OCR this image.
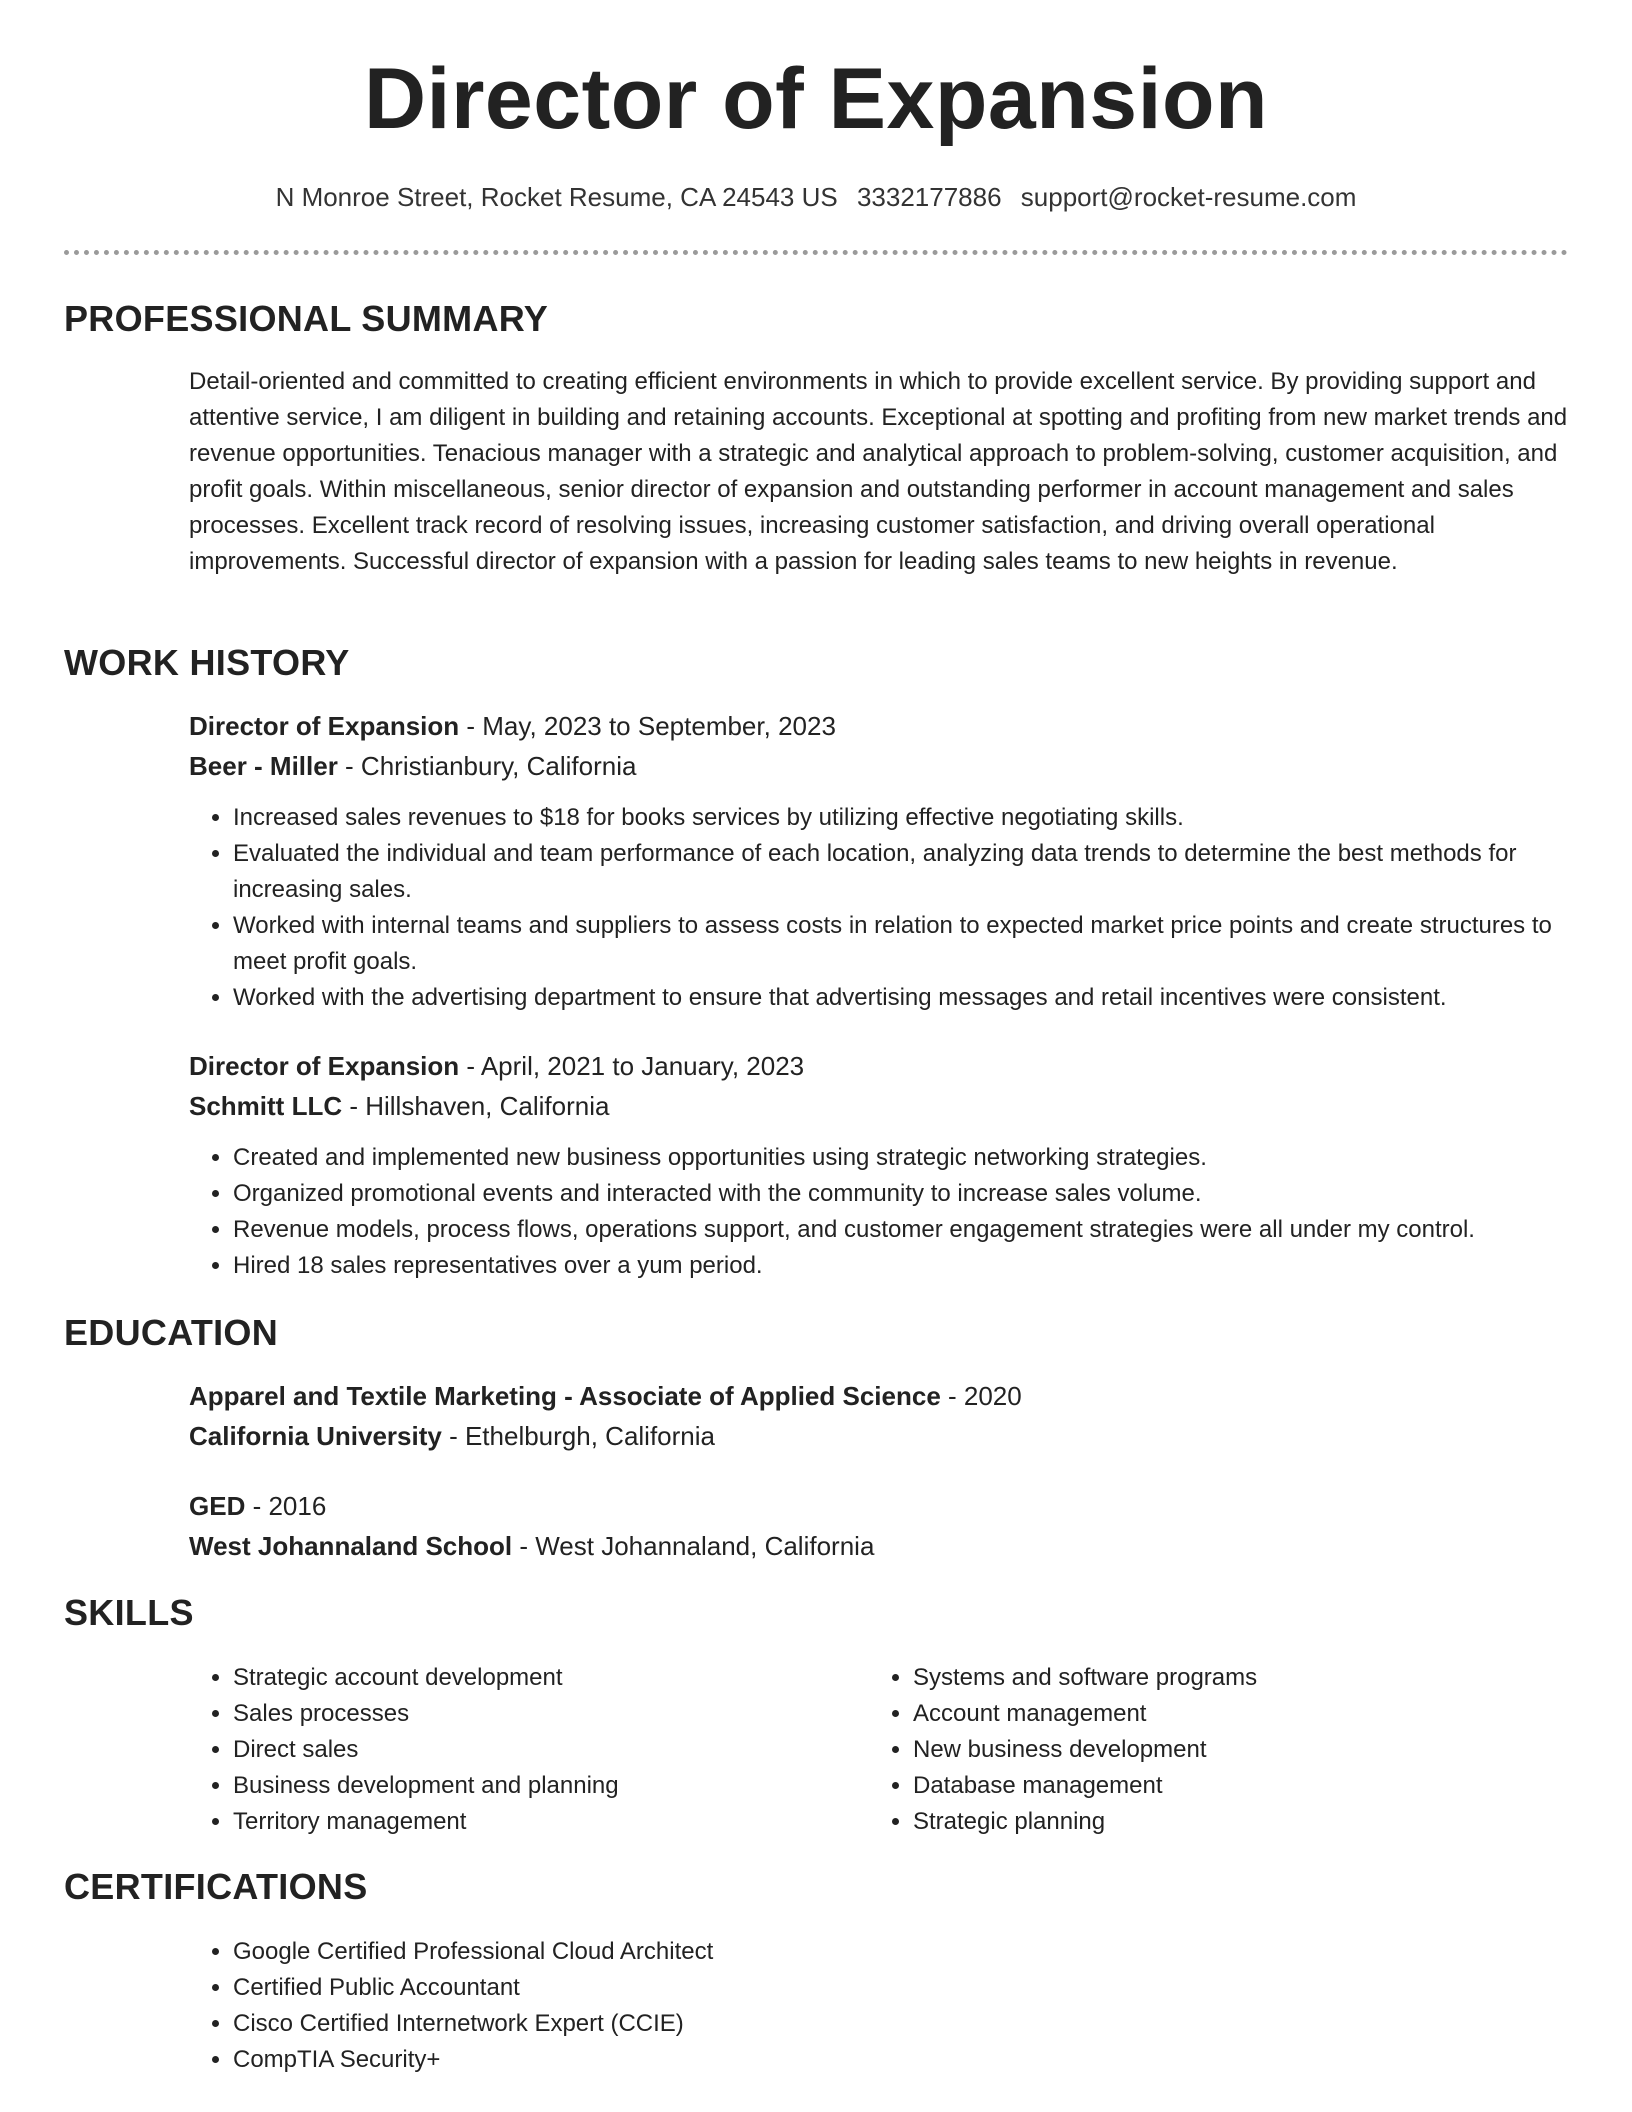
Director of Expansion
N Monroe Street, Rocket Resume, CA 24543 US 3332177886 support@rocket-resume.com
PROFESSIONAL SUMMARY
Detail-oriented and committed to creating efficient environments in which to provide excellent service. By providing support and attentive service, I am diligent in building and retaining accounts. Exceptional at spotting and profiting from new market trends and revenue opportunities. Tenacious manager with a strategic and analytical approach to problem-solving, customer acquisition, and profit goals. Within miscellaneous, senior director of expansion and outstanding performer in account management and sales processes. Excellent track record of resolving issues, increasing customer satisfaction, and driving overall operational improvements. Successful director of expansion with a passion for leading sales teams to new heights in revenue.
WORK HISTORY
Director of Expansion - May, 2023 to September, 2023
Beer - Miller - Christianbury, California
• Increased sales revenues to $18 for books services by utilizing effective negotiating skills.
• Evaluated the individual and team performance of each location, analyzing data trends to determine the best methods for increasing sales.
• Worked with internal teams and suppliers to assess costs in relation to expected market price points and create structures to meet profit goals.
• Worked with the advertising department to ensure that advertising messages and retail incentives were consistent.
Director of Expansion - April, 2021 to January, 2023
Schmitt LLC - Hillshaven, California
• Created and implemented new business opportunities using strategic networking strategies.
• Organized promotional events and interacted with the community to increase sales volume.
• Revenue models, process flows, operations support, and customer engagement strategies were all under my control.
• Hired 18 sales representatives over a yum period.
EDUCATION
Apparel and Textile Marketing - Associate of Applied Science - 2020
California University - Ethelburgh, California
GED - 2016
West Johannaland School - West Johannaland, California
SKILLS
• Strategic account development
• Sales processes
• Direct sales
• Business development and planning
• Territory management
• Systems and software programs
• Account management
• New business development
• Database management
• Strategic planning
CERTIFICATIONS
• Google Certified Professional Cloud Architect
• Certified Public Accountant
• Cisco Certified Internetwork Expert (CCIE)
• CompTIA Security+
